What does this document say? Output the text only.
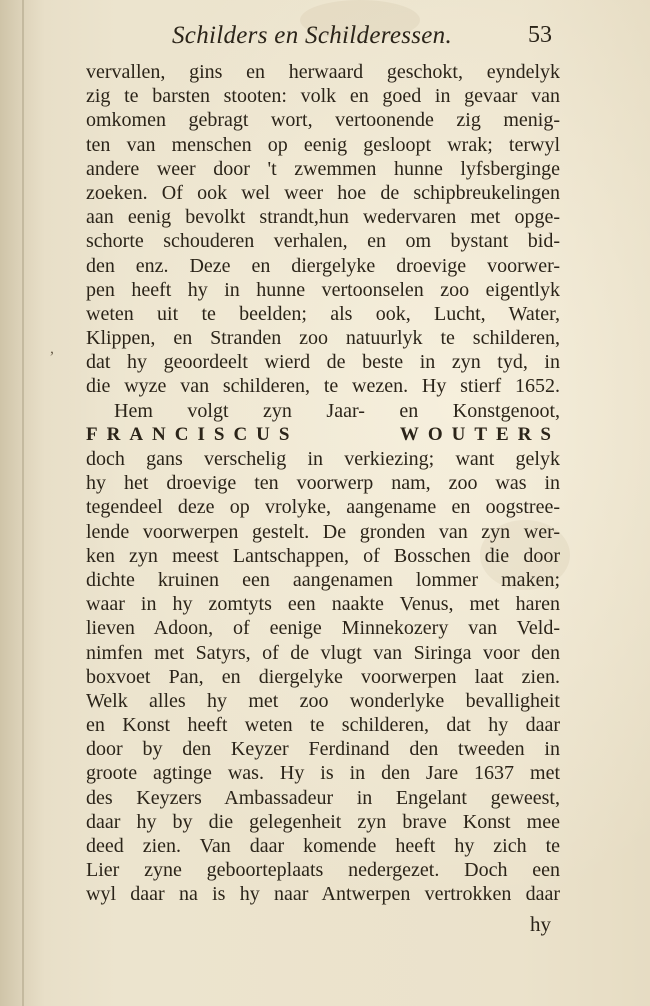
Schilders en Schilderessen.	53
,
vervallen, gins en herwaard geschokt, eyndelyk
zig te barsten stooten: volk en goed in gevaar van
omkomen gebragt wort, vertoonende zig menig-
ten van menschen op eenig gesloopt wrak; terwyl
andere weer door 't zwemmen hunne lyfsberginge
zoeken. Of ook wel weer hoe de schipbreukelingen
aan eenig bevolkt strandt,hun wedervaren met opge-
schorte schouderen verhalen, en om bystant bid-
den enz. Deze en diergelyke droevige voorwer-
pen heeft hy in hunne vertoonselen zoo eigentlyk
weten uit te beelden; als ook, Lucht, Water,
Klippen, en Stranden zoo natuurlyk te schilderen,
dat hy geoordeelt wierd de beste in zyn tyd, in
die wyze van schilderen, te wezen. Hy stierf 1652.
Hem volgt zyn Jaar- en Konstgenoot,
FRANCISCUS WOUTERS
doch gans verschelig in verkiezing; want gelyk
hy het droevige ten voorwerp nam, zoo was in
tegendeel deze op vrolyke, aangename en oogstree-
lende voorwerpen gestelt. De gronden van zyn wer-
ken zyn meest Lantschappen, of Bosschen die door
dichte kruinen een aangenamen lommer maken;
waar in hy zomtyts een naakte Venus, met haren
lieven Adoon, of eenige Minnekozery van Veld-
nimfen met Satyrs, of de vlugt van Siringa voor den
boxvoet Pan, en diergelyke voorwerpen laat zien.
Welk alles hy met zoo wonderlyke bevalligheit
en Konst heeft weten te schilderen, dat hy daar
door by den Keyzer Ferdinand den tweeden in
groote agtinge was. Hy is in den Jare 1637 met
des Keyzers Ambassadeur in Engelant geweest,
daar hy by die gelegenheit zyn brave Konst mee
deed zien. Van daar komende heeft hy zich te
Lier zyne geboorteplaats nedergezet. Doch een
wyl daar na is hy naar Antwerpen vertrokken daar
hy
